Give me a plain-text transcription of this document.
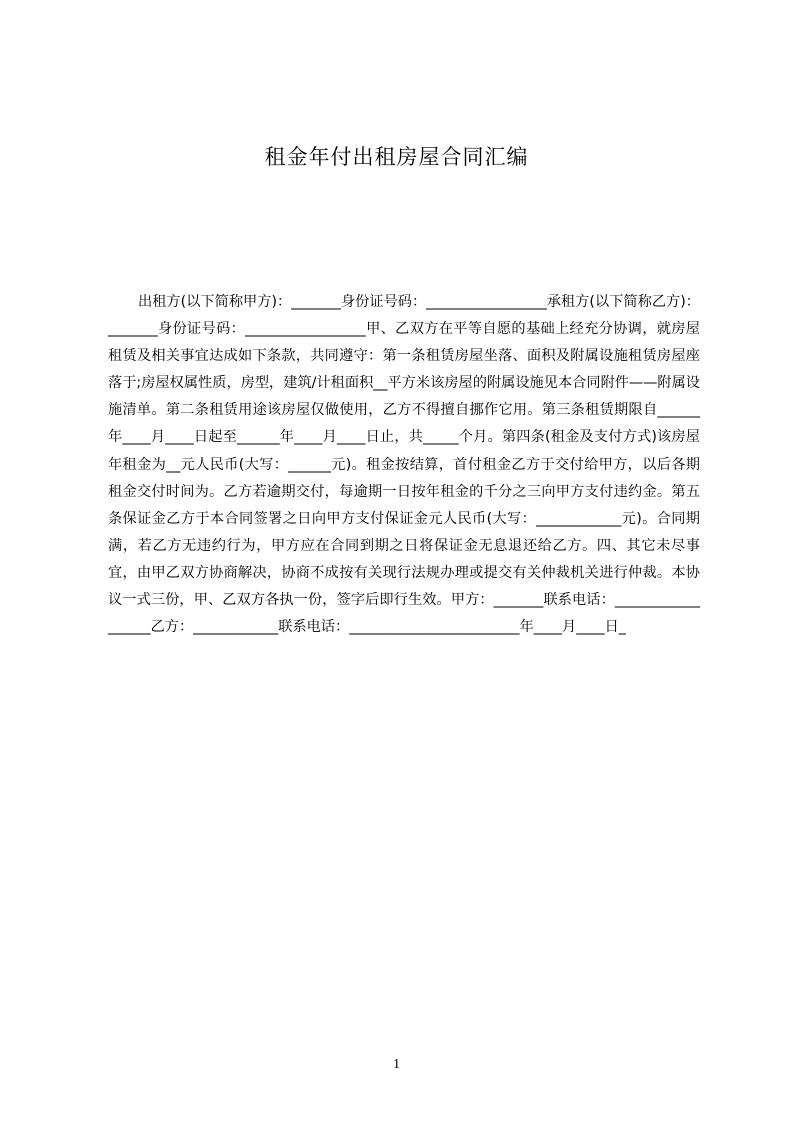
租金年付出租房屋合同汇编

出租方(以下简称甲方)：_______身份证号码：_________________承租方(以下简称乙方)：_______身份证号码：_________________甲、乙双方在平等自愿的基础上经充分协调，就房屋租赁及相关事宜达成如下条款，共同遵守：第一条租赁房屋坐落、面积及附属设施租赁房屋座落于;房屋权属性质，房型，建筑/计租面积__平方米该房屋的附属设施见本合同附件——附属设施清单。第二条租赁用途该房屋仅做使用，乙方不得擅自挪作它用。第三条租赁期限自______年____月____日起至______年____月____日止，共_____个月。第四条(租金及支付方式)该房屋年租金为__元人民币(大写：______元)。租金按结算，首付租金乙方于交付给甲方，以后各期租金交付时间为。乙方若逾期交付，每逾期一日按年租金的千分之三向甲方支付违约金。第五条保证金乙方于本合同签署之日向甲方支付保证金元人民币(大写：____________元)。合同期满，若乙方无违约行为，甲方应在合同到期之日将保证金无息退还给乙方。四、其它未尽事宜，由甲乙双方协商解决，协商不成按有关现行法规办理或提交有关仲裁机关进行仲裁。本协议一式三份，甲、乙双方各执一份，签字后即行生效。甲方：_______联系电话：__________________乙方：____________联系电话：________________________年____月____日_

1
